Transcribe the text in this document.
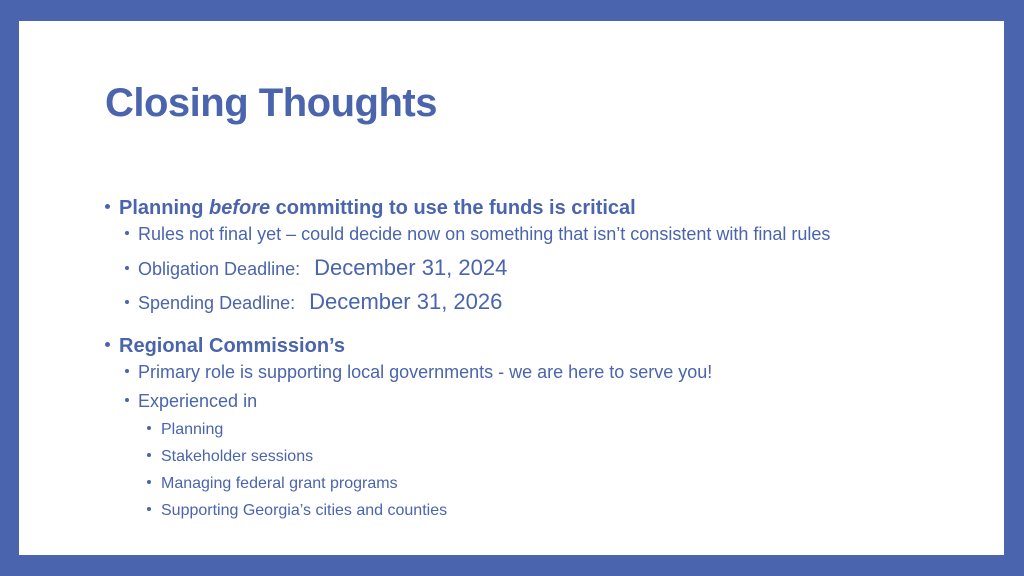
Closing Thoughts
Planning before committing to use the funds is critical
Rules not final yet – could decide now on something that isn’t consistent with final rules
Obligation Deadline: December 31, 2024
Spending Deadline: December 31, 2026
Regional Commission’s
Primary role is supporting local governments - we are here to serve you!
Experienced in
Planning
Stakeholder sessions
Managing federal grant programs
Supporting Georgia’s cities and counties
